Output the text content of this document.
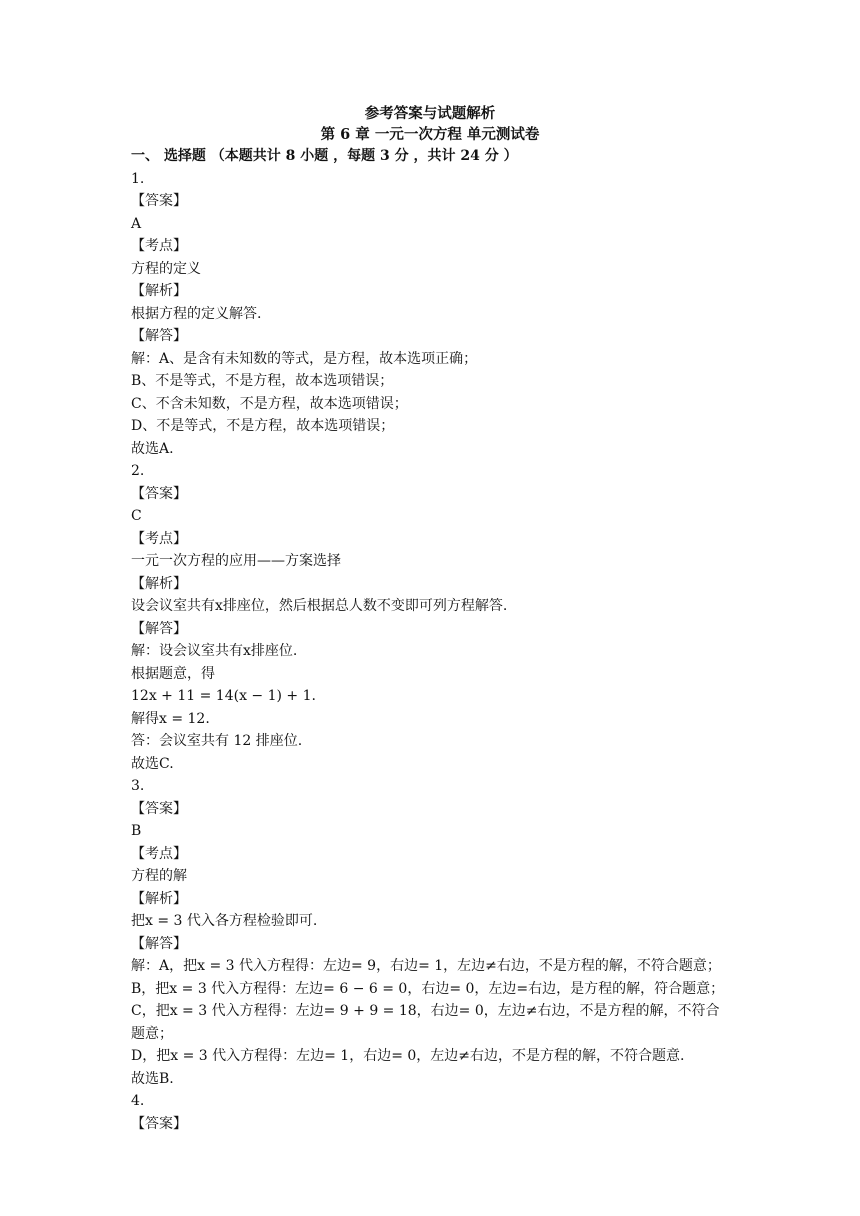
参考答案与试题解析
第 6 章 一元一次方程 单元测试卷
一、 选择题 （本题共计 8 小题 ，每题 3 分 ，共计 24 分 ）
1.
【答案】
A
【考点】
方程的定义
【解析】
根据方程的定义解答.
【解答】
解：A、是含有未知数的等式，是方程，故本选项正确；
B、不是等式，不是方程，故本选项错误；
C、不含未知数，不是方程，故本选项错误；
D、不是等式，不是方程，故本选项错误；
故选A.
2.
【答案】
C
【考点】
一元一次方程的应用——方案选择
【解析】
设会议室共有x排座位，然后根据总人数不变即可列方程解答.
【解答】
解：设会议室共有x排座位.
根据题意，得
12x + 11 = 14(x − 1) + 1.
解得x = 12.
答：会议室共有 12 排座位.
故选C.
3.
【答案】
B
【考点】
方程的解
【解析】
把x = 3 代入各方程检验即可.
【解答】
解：A，把x = 3 代入方程得：左边= 9，右边= 1，左边≠右边，不是方程的解，不符合题意；
B，把x = 3 代入方程得：左边= 6 − 6 = 0，右边= 0，左边=右边，是方程的解，符合题意；
C，把x = 3 代入方程得：左边= 9 + 9 = 18，右边= 0，左边≠右边，不是方程的解，不符合题意；
D，把x = 3 代入方程得：左边= 1，右边= 0，左边≠右边，不是方程的解，不符合题意.
故选B.
4.
【答案】
